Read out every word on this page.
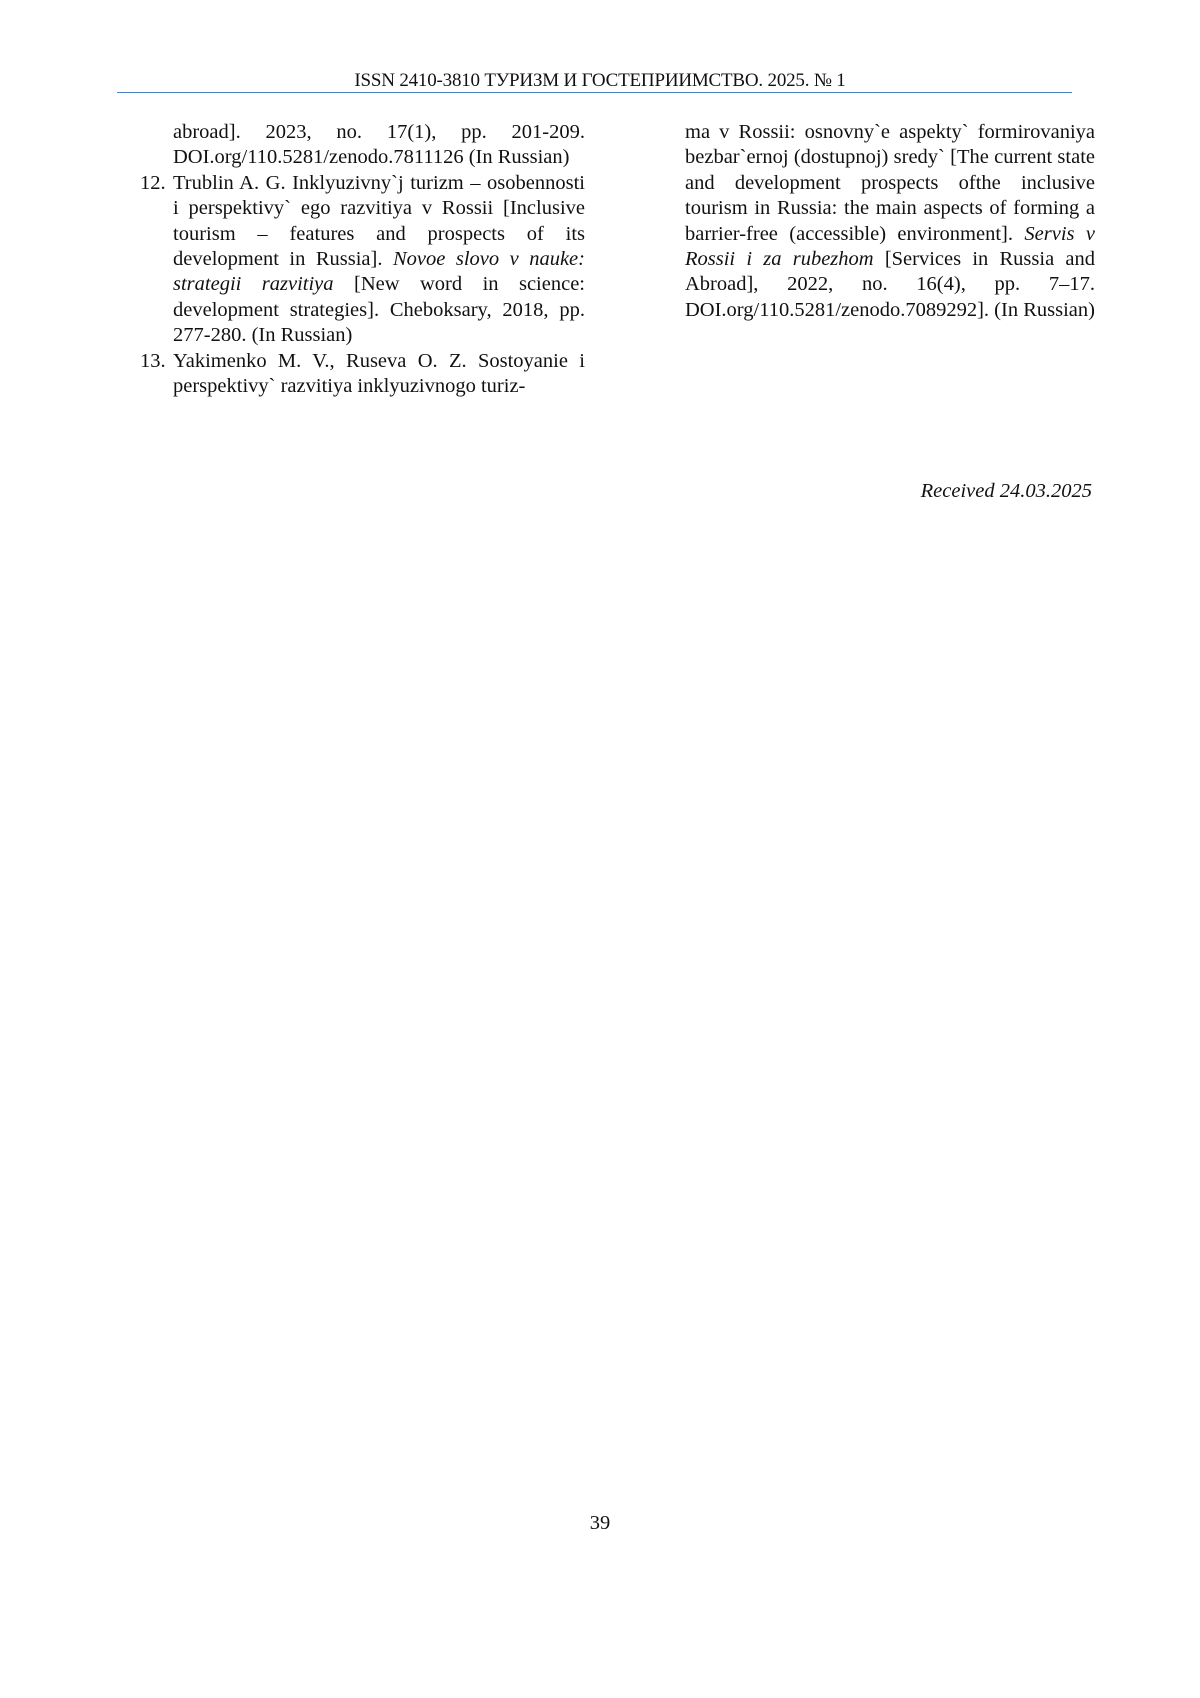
ISSN 2410-3810 ТУРИЗМ И ГОСТЕПРИИМСТВО. 2025. № 1

abroad]. 2023, no. 17(1), pp. 201-209. DOI.org/110.5281/zenodo.7811126 (In Russian)

12. Trublin A. G. Inklyuzivny`j turizm – osobennosti i perspektivy` ego razvitiya v Rossii [Inclusive tourism – features and prospects of its development in Russia]. Novoe slovo v nauke: strategii razvitiya [New word in science: development strategies]. Cheboksary, 2018, pp. 277-280. (In Russian)

13. Yakimenko M. V., Ruseva O. Z. Sostoyanie i perspektivy` razvitiya inklyuzivnogo turiz-

ma v Rossii: osnovny`e aspekty` formirovaniya bezbar`ernoj (dostupnoj) sredy` [The current state and development prospects ofthe inclusive tourism in Russia: the main aspects of forming a barrier-free (accessible) environment]. Servis v Rossii i za rubezhom [Services in Russia and Abroad], 2022, no. 16(4), pp. 7–17. DOI.org/110.5281/zenodo.7089292]. (In Russian)

Received 24.03.2025
39
